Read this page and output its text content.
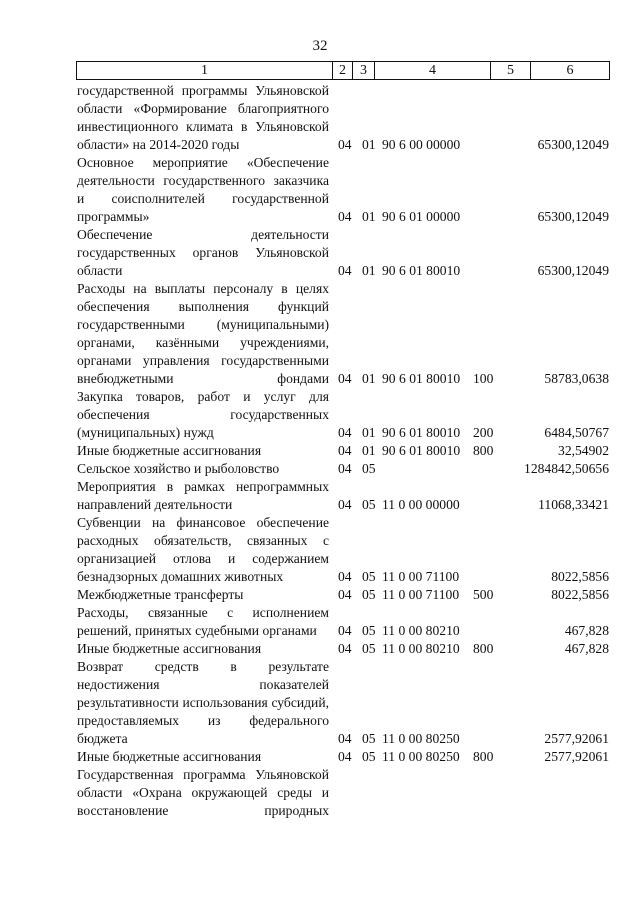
32
1	2	3	4	5	6
государственной программы Ульяновской области «Формирование благоприятного инвестиционного климата в Ульяновской области» на 2014-2020 годы	04 01 90 6 00 00000	65300,12049
Основное мероприятие «Обеспечение деятельности государственного заказчика и соисполнителей государственной программы»	04 01 90 6 01 00000	65300,12049
Обеспечение деятельности государственных органов Ульяновской области	04 01 90 6 01 80010	65300,12049
Расходы на выплаты персоналу в целях обеспечения выполнения функций государственными (муниципальными) органами, казёнными учреждениями, органами управления государственными внебюджетными фондами 04 01 90 6 01 80010 100	58783,0638
Закупка товаров, работ и услуг для обеспечения государственных (муниципальных) нужд	04 01 90 6 01 80010 200	6484,50767
Иные бюджетные ассигнования	04 01 90 6 01 80010 800	32,54902
Сельское хозяйство и рыболовство	04 05	1284842,50656
Мероприятия в рамках непрограммных направлений деятельности	04 05 11 0 00 00000	11068,33421
Субвенции на финансовое обеспечение расходных обязательств, связанных с организацией отлова и содержанием безнадзорных домашних животных	04 05 11 0 00 71100	8022,5856
Межбюджетные трансферты	04 05 11 0 00 71100 500	8022,5856
Расходы, связанные с исполнением решений, принятых судебными органами	04 05 11 0 00 80210	467,828
Иные бюджетные ассигнования	04 05 11 0 00 80210 800	467,828
Возврат средств в результате недостижения показателей результативности использования субсидий, предоставляемых из федерального бюджета	04 05 11 0 00 80250	2577,92061
Иные бюджетные ассигнования	04 05 11 0 00 80250 800	2577,92061
Государственная программа Ульяновской области «Охрана окружающей среды и восстановление природных
